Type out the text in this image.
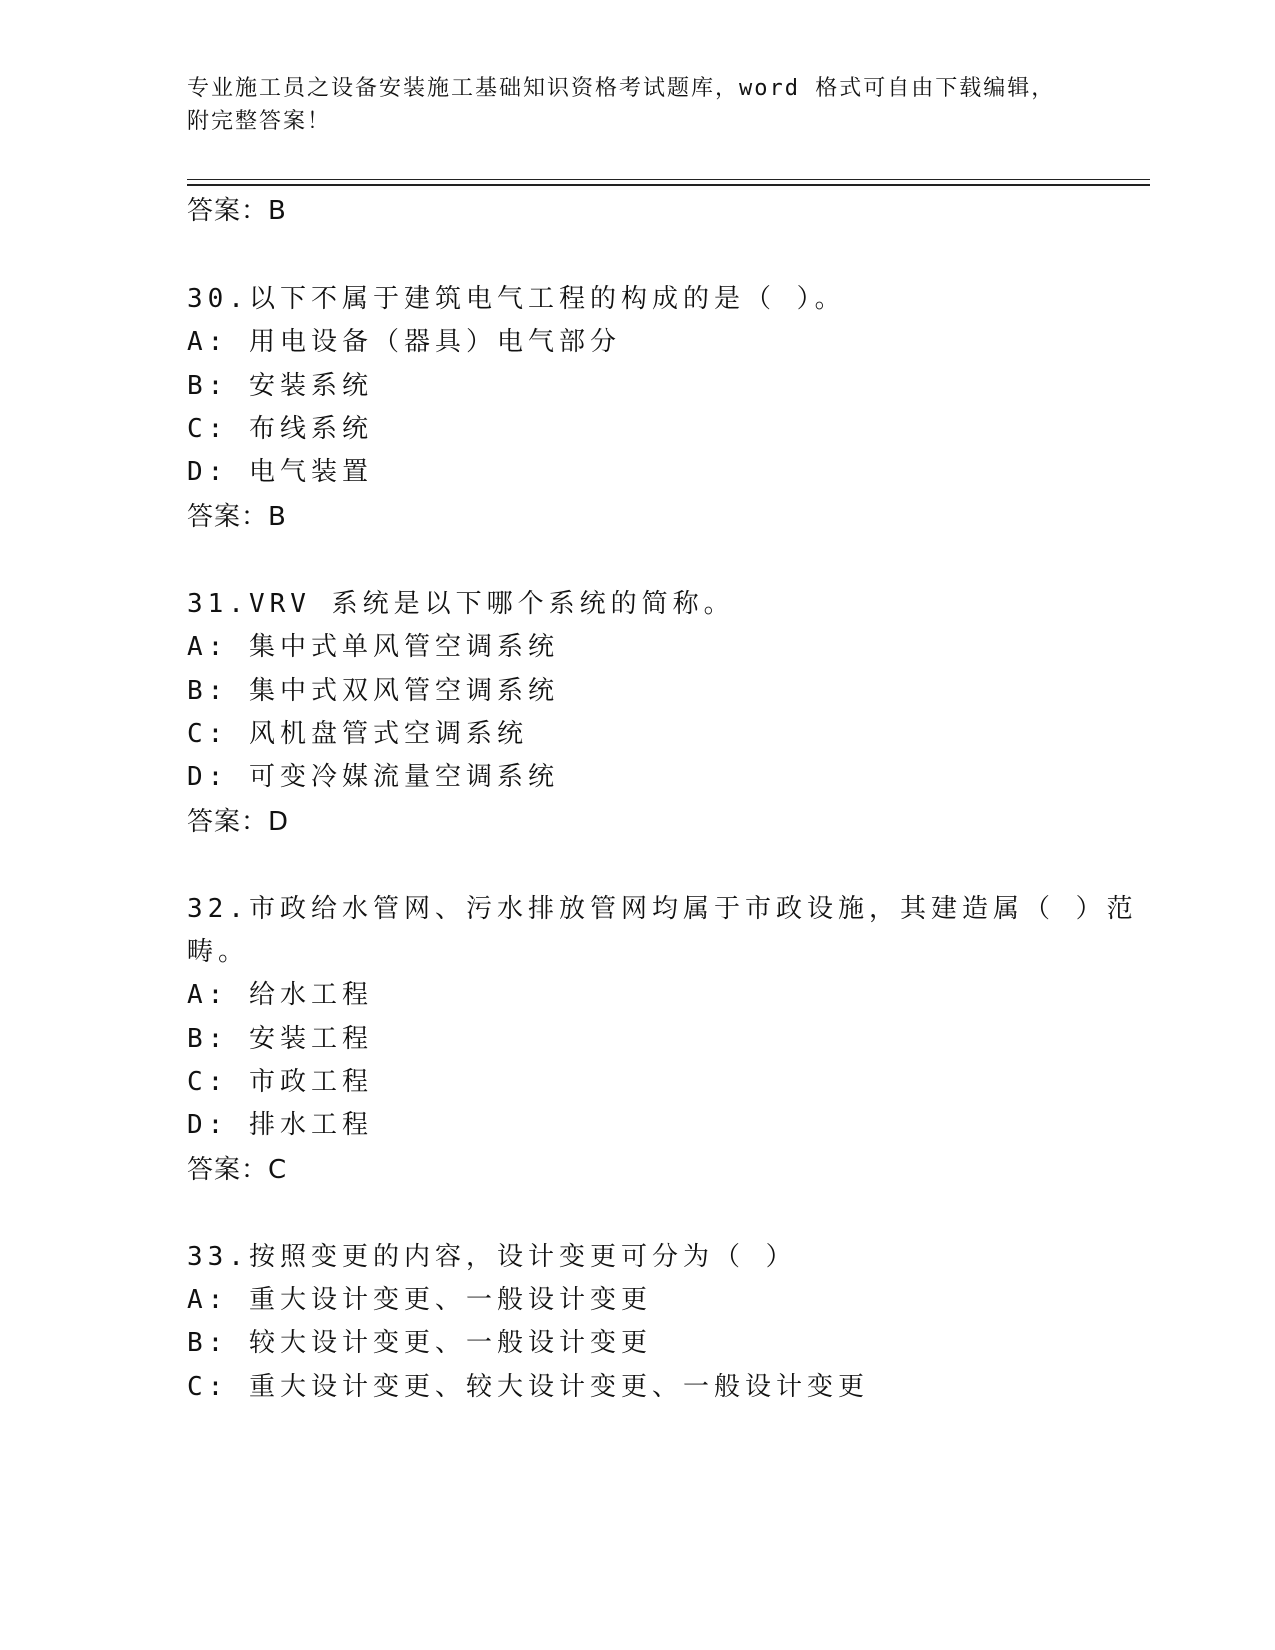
专业施工员之设备安装施工基础知识资格考试题库，word 格式可自由下载编辑，
附完整答案！
答案：B
30.以下不属于建筑电气工程的构成的是（ ）。
A: 用电设备（器具）电气部分
B: 安装系统
C: 布线系统
D: 电气装置
答案：B
31.VRV 系统是以下哪个系统的简称。
A: 集中式单风管空调系统
B: 集中式双风管空调系统
C: 风机盘管式空调系统
D: 可变冷媒流量空调系统
答案：D
32.市政给水管网、污水排放管网均属于市政设施，其建造属（ ）范
畴。
A: 给水工程
B: 安装工程
C: 市政工程
D: 排水工程
答案：C
33.按照变更的内容，设计变更可分为（ ）
A: 重大设计变更、一般设计变更
B: 较大设计变更、一般设计变更
C: 重大设计变更、较大设计变更、一般设计变更
